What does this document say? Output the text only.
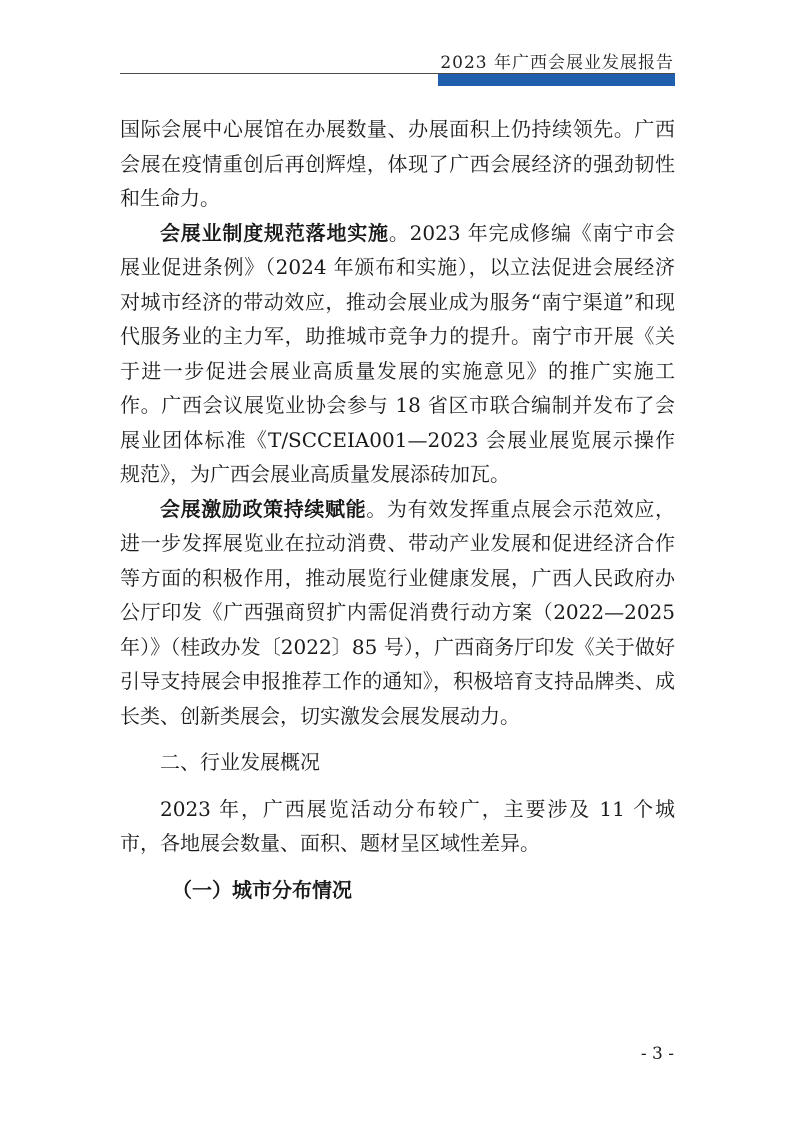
2023 年广西会展业发展报告

国际会展中心展馆在办展数量、办展面积上仍持续领先。广西会展在疫情重创后再创辉煌，体现了广西会展经济的强劲韧性和生命力。

会展业制度规范落地实施。2023 年完成修编《南宁市会展业促进条例》（2024 年颁布和实施），以立法促进会展经济对城市经济的带动效应，推动会展业成为服务“南宁渠道”和现代服务业的主力军，助推城市竞争力的提升。南宁市开展《关于进一步促进会展业高质量发展的实施意见》的推广实施工作。广西会议展览业协会参与 18 省区市联合编制并发布了会展业团体标准《T/SCCEIA001—2023 会展业展览展示操作规范》，为广西会展业高质量发展添砖加瓦。

会展激励政策持续赋能。为有效发挥重点展会示范效应，进一步发挥展览业在拉动消费、带动产业发展和促进经济合作等方面的积极作用，推动展览行业健康发展，广西人民政府办公厅印发《广西强商贸扩内需促消费行动方案（2022—2025 年）》（桂政办发〔2022〕85 号），广西商务厅印发《关于做好引导支持展会申报推荐工作的通知》，积极培育支持品牌类、成长类、创新类展会，切实激发会展发展动力。

二、行业发展概况

2023 年，广西展览活动分布较广，主要涉及 11 个城市，各地展会数量、面积、题材呈区域性差异。

（一）城市分布情况

- 3 -
